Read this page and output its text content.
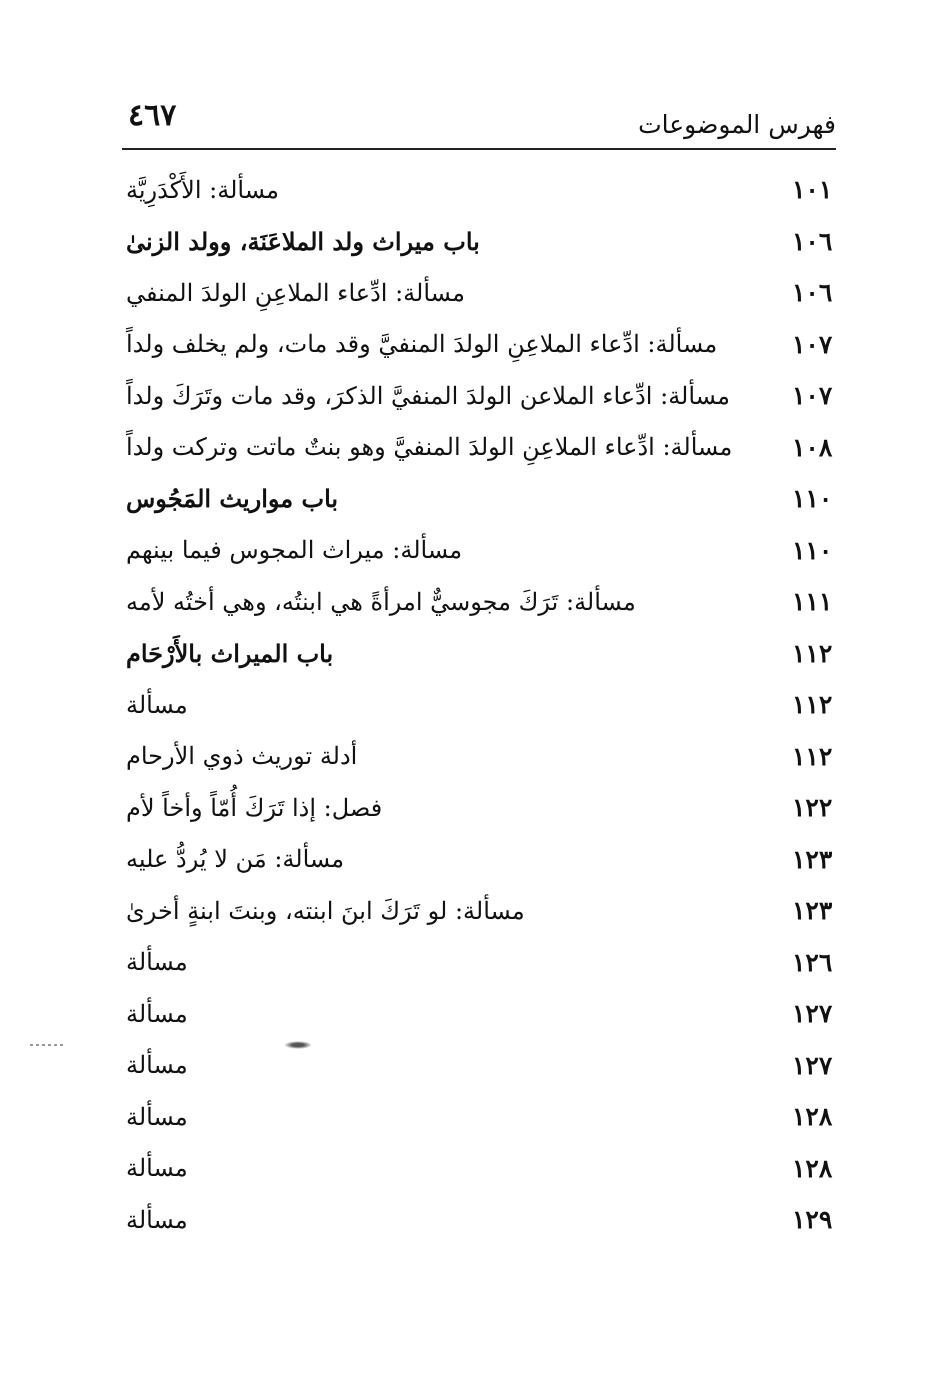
فهرس الموضوعات
٤٦٧
مسألة: الأَكْدَرِيَّة	١٠١
باب ميراث ولد الملاعَنَة، وولد الزنىٰ	١٠٦
مسألة: ادِّعاء الملاعِنِ الولدَ المنفي	١٠٦
مسألة: ادِّعاء الملاعِنِ الولدَ المنفيَّ وقد مات، ولم يخلف ولداً	١٠٧
مسألة: ادِّعاء الملاعن الولدَ المنفيَّ الذكرَ، وقد مات وتَرَكَ ولداً ١٠٧
مسألة: ادِّعاء الملاعِنِ الولدَ المنفيَّ وهو بنتٌ ماتت وتركت ولداً ١٠٨
باب مواريث المَجُوس	١١٠
مسألة: ميراث المجوس فيما بينهم	١١٠
مسألة: تَرَكَ مجوسيٌّ امرأةً هي ابنتُه، وهي أختُه لأمه	١١١
باب الميراث بالأَرْحَام	١١٢
مسألة	١١٢
أدلة توريث ذوي الأرحام	١١٢
فصل: إذا تَرَكَ أُمّاً وأخاً لأم	١٢٢
مسألة: مَن لا يُردُّ عليه	١٢٣
مسألة: لو تَرَكَ ابنَ ابنته، وبنتَ ابنةٍ أخرىٰ	١٢٣
مسألة	١٢٦
مسألة	١٢٧
مسألة	١٢٧
مسألة	١٢٨
مسألة	١٢٨
مسألة	١٢٩
